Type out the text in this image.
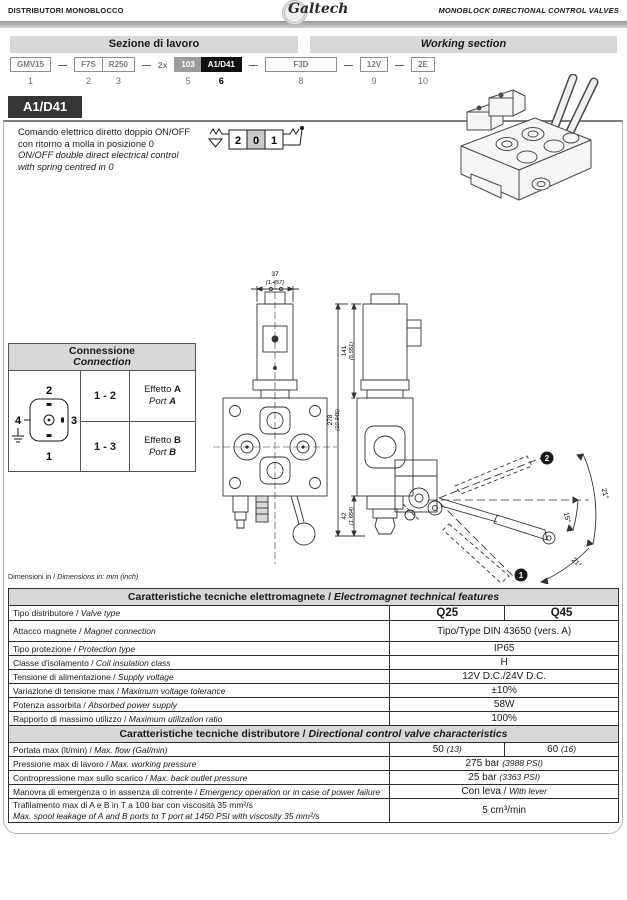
DISTRIBUTORI MONOBLOCCO	Galtech	MONOBLOCK DIRECTIONAL CONTROL VALVES
Sezione di lavoro	Working section
GMV15
1
—	F7S
2
R250
3
— 2x	103
5
A1/D41
6
—	F3D
8
—	12V
9
—	2E
10
A1/D41
Comando elettrico diretto doppio ON/OFF
con ritorno a molla in posizione 0
ON/OFF double direct electrical control
with spring centred in 0
2 0 1
Connessione
Connection
2
1
4	3
1 - 2
Effetto A
Port A
1 - 3
Effetto B
Port B
37
(1.457)
141 (5.551)
278 (10.945)
42 (1.654)	15°
21°
21°
2
1
Dimensioni in / Dimensions in: mm (inch)
Caratteristiche tecniche elettromagnete / Electromagnet technical features		
Tipo distributore / Valve type	Q25	Q45
Attacco magnete / Magnet connection	Tipo/Type DIN 43650 (vers. A)	
Tipo protezione / Protection type	IP65	
Classe d'isolamento / Coil insulation class	H	
Tensione di alimentazione / Supply voltage	12V D.C./24V D.C.	
Variazione di tensione max / Maximum voltage tolerance	±10%	
Potenza assorbita / Absorbed power supply	58W	
Rapporto di massimo utilizzo / Maximum utilization ratio	100%	
Caratteristiche tecniche distributore / Directional control valve characteristics		
Portata max (lt/min) / Max. flow (Gal/min)	50 (13)	60 (16)
Pressione max di lavoro / Max. working pressure	275 bar (3988 PSI)	
Contropressione max sullo scarico / Max. back outlet pressure	25 bar (3363 PSI)	
Manovra di emergenza o in assenza di corrente / Emergency operation or in case of power failure	Con leva / With lever	

Trafilamento max di A e B in T a 100 bar con viscosità 35 mm²/s
Max. spool leakage of A and B ports to T port at 1450 PSI with viscosity 35 mm²/s	5 cm³/min	
